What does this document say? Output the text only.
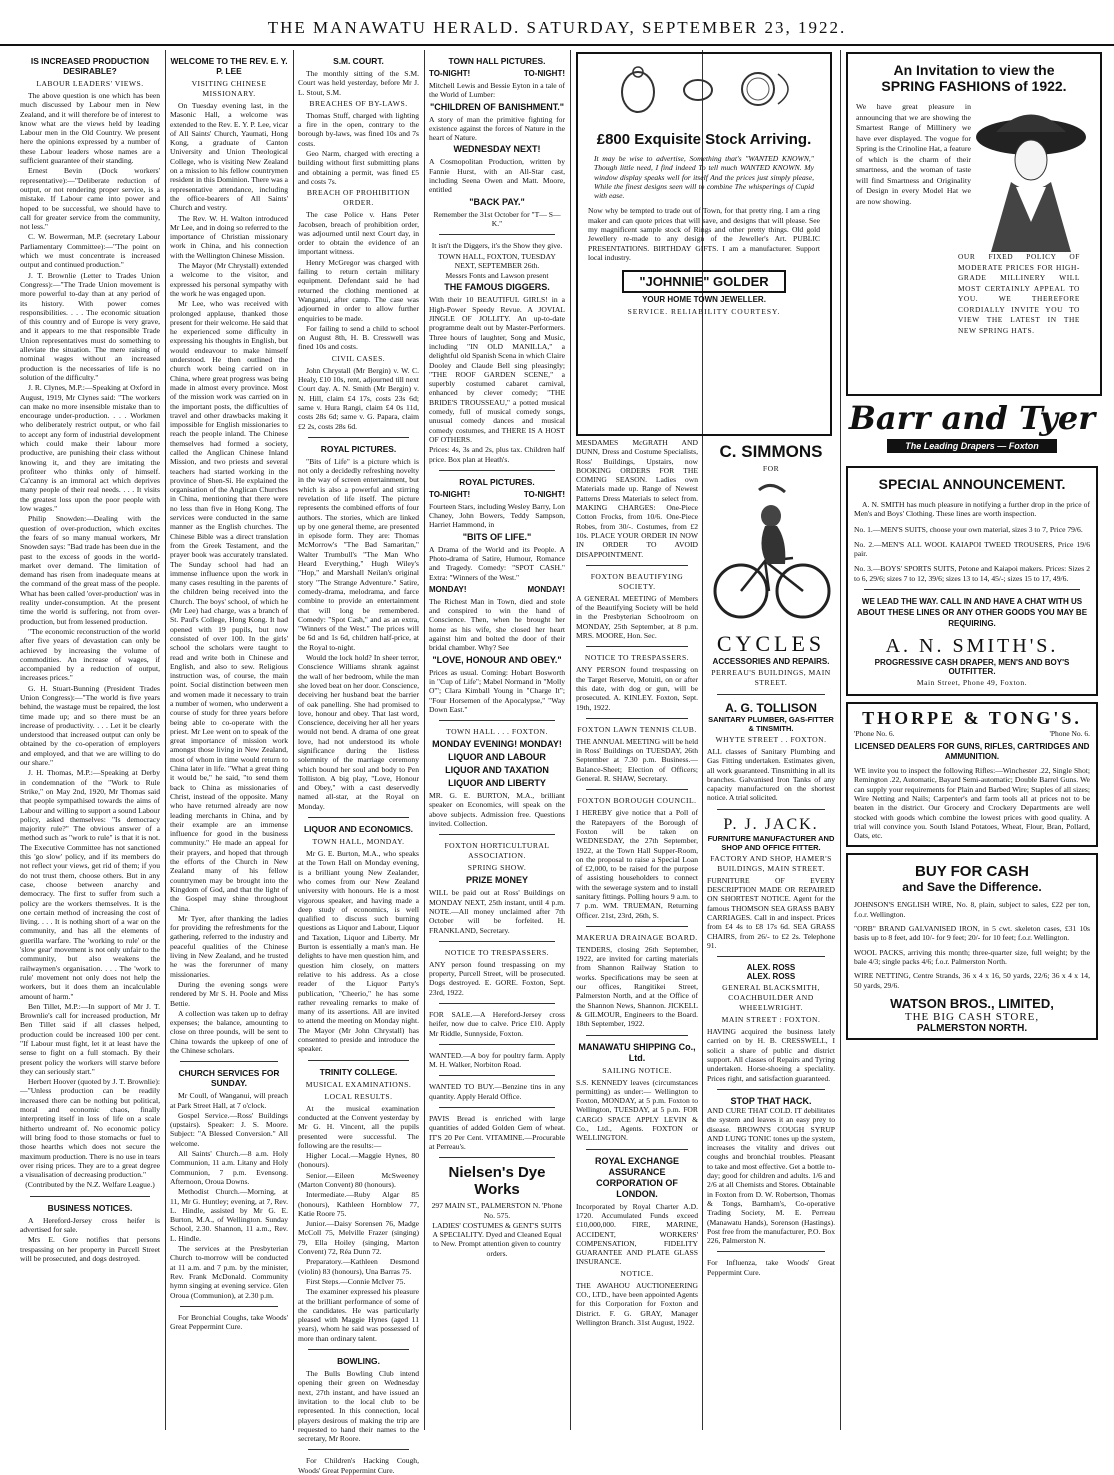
THE MANAWATU HERALD. SATURDAY, SEPTEMBER 23, 1922.
IS INCREASED PRODUCTION DESIRABLE?
LABOUR LEADERS' VIEWS.

The above question is one which has been much discussed by Labour men in New Zealand, and it will therefore be of interest to know what are the views held by leading Labour men in the Old Country. We present here the opinions expressed by a number of these Labour leaders whose names are a sufficient guarantee of their standing.

Ernest Bevin (Dock workers' representative):—"Deliberate reduction of output, or not rendering proper service, is a mistake. If Labour came into power and hoped to be successful, we should have to call for greater service from the community, not less."

C. W. Bowerman, M.P. (secretary Labour Parliamentary Committee):—"The point on which we must concentrate is increased output and continued production."

J. T. Brownlie (Letter to Trades Union Congress):—"The Trade Union movement is more powerful to-day than at any period of its history. With power comes responsibilities. . . . The economic situation of this country and of Europe is very grave, and it appears to me that responsible Trade Union representatives must do something to alleviate the situation. The mere raising of nominal wages without an increased production is the necessaries of life is no solution of the difficulty."

J. R. Clynes, M.P.:—Speaking at Oxford in August, 1919, Mr Clynes said: "The workers can make no more insensible mistake than to encourage under-production. . . . Workmen who deliberately restrict output, or who fail to accept any form of industrial development which could make their labour more productive, are punishing their class without knowing it, and they are imitating the profiteer who thinks only of himself. Ca'canny is an immoral act which deprives many people of their real needs. . . . It visits the greatest loss upon the poor people with low wages."

Philip Snowden:—Dealing with the question of over-production, which excites the fears of so many manual workers, Mr Snowden says: "Bad trade has been due in the past to the excess of goods in the world-market over demand. The limitation of demand has risen from inadequate means at the command of the great mass of the people. What has been called 'over-production' was in reality under-consumption. At the present time the world is suffering, not from over-production, but from lessened production.

"The economic reconstruction of the world after five years of devastation can only be achieved by increasing the volume of commodities. An increase of wages, if accompanied by a reduction of output, increases prices."

G. H. Stuart-Bunning (President Trades Union Congress):—"The world is five years behind, the wastage must be repaired, the lost time made up; and so there must be an increase of productivity. . . . Let it be clearly understood that increased output can only be obtained by the co-operation of employers and employed, and that we are willing to do our share."

J. H. Thomas, M.P.:—Speaking at Derby in condemnation of the "Work to Rule Strike," on May 2nd, 1920, Mr Thomas said that people sympathised towards the aims of Labour and willing to support a sound Labour policy, asked themselves: "Is democracy majority rule?" The obvious answer of a method such as "work to rule" is that it is not. The Executive Committee has not sanctioned this 'go slow' policy, and if its members do not reflect your views, get rid of them; if you do not trust them, choose others. But in any case, choose between anarchy and democracy. The first to suffer from such a policy are the workers themselves. It is the one certain method of increasing the cost of living. . . . It is nothing short of a war on the community, and has all the elements of guerilla warfare. The 'working to rule' or the 'slow gear' movement is not only unfair to the community, but also weakens the railwaymen's organisation. . . . The 'work to rule' movement not only does not help the workers, but it does them an incalculable amount of harm."

Ben Tillet, M.P.:—In support of Mr J. T. Brownlie's call for increased production, Mr Ben Tillet said if all classes helped, production could be increased 100 per cent. "If Labour must fight, let it at least have the sense to fight on a full stomach. By their present policy the workers will starve before they can seriously start."

Herbert Hoover (quoted by J. T. Brownlie):—"Unless production can be readily increased there can be nothing but political, moral and economic chaos, finally interpreting itself in loss of life on a scale hitherto undreamt of. No economic policy will bring food to those stomachs or fuel to those hearths which does not secure the maximum production. There is no use in tears over rising prices. They are to a great degree a visualisation of decreasing production."

(Contributed by the N.Z. Welfare League.)

BUSINESS NOTICES.

A Hereford-Jersey cross heifer is advertised for sale.

Mrs E. Gore notifies that persons trespassing on her property in Purcell Street will be prosecuted, and dogs destroyed.

WELCOME TO THE REV. E. Y. P. LEE
VISITING CHINESE MISSIONARY.

On Tuesday evening last, in the Masonic Hall, a welcome was extended to the Rev. E. Y. P. Lee, vicar of All Saints' Church, Yaumati, Hong Kong, a graduate of Canton University and Union Theological College, who is visiting New Zealand on a mission to his fellow countrymen resident in this Dominion. There was a representative attendance, including the office-bearers of All Saints' Church and vestry.

The Rev. W. H. Walton introduced Mr Lee, and in doing so referred to the importance of Christian missionary work in China, and his connection with the Wellington Chinese Mission.

The Mayor (Mr Chrystall) extended a welcome to the visitor, and expressed his personal sympathy with the work he was engaged upon.

Mr Lee, who was received with prolonged applause, thanked those present for their welcome. He said that he experienced some difficulty in expressing his thoughts in English, but would endeavour to make himself understood. He then outlined the church work being carried on in China, where great progress was being made in almost every province. Most of the mission work was carried on in the important posts, the difficulties of travel and other drawbacks making it impossible for English missionaries to reach the people inland. The Chinese themselves had formed a society, called the Anglican Chinese Inland Mission, and two priests and several teachers had started working in the province of Shen-Si. He explained the organisation of the Anglican Churches in China, mentioning that there were no less than five in Hong Kong. The services were conducted in the same manner as the English churches. The Chinese Bible was a direct translation from the Greek Testament, and the prayer book was accurately translated. The Sunday school had had an immense influence upon the work in many cases resulting in the parents of the children being received into the Church. The boys' school, of which he (Mr Lee) had charge, was a branch of St. Paul's College, Hong Kong. It had opened with 19 pupils, but now consisted of over 100. In the girls' school the scholars were taught to read and write both in Chinese and English, and also to sew. Religious instruction was, of course, the main point. Social distinction between men and women made it necessary to train a number of women, who underwent a course of study for three years before being able to co-operate with the priest. Mr Lee went on to speak of the great importance of mission work amongst those living in New Zealand, most of whom in time would return to China later in life. "What a great thing it would be," he said, "to send them back to China as missionaries of Christ, instead of the opposite. Many who have returned already are now leading merchants in China, and by their example are an immense influence for good in the business community." He made an appeal for their prayers, and hoped that through the efforts of the Church in New Zealand many of his fellow countrymen may be brought into the Kingdom of God, and that the light of the Gospel may shine throughout China.

Mr Tyer, after thanking the ladies for providing the refreshments for the gathering, referred to the industry and peaceful qualities of the Chinese living in New Zealand, and he trusted he was the forerunner of many missionaries.

During the evening songs were rendered by Mr S. H. Poole and Miss Bettie.

A collection was taken up to defray expenses; the balance, amounting to close on three pounds, will be sent to China towards the upkeep of one of the Chinese scholars.

CHURCH SERVICES FOR SUNDAY.

Mr Coull, of Wanganui, will preach at Park Street Hall, at 7 o'clock.

Gospel Service.—Ross' Buildings (upstairs). Speaker: J. S. Moore. Subject: "A Blessed Conversion." All welcome.

All Saints' Church.—8 a.m. Holy Communion, 11 a.m. Litany and Holy Communion, 7 p.m. Evensong. Afternoon, Oroua Downs.

Methodist Church.—Morning, at 11, Mr G. Huntley; evening, at 7, Rev. L. Hindle, assisted by Mr G. E. Burton, M.A., of Wellington. Sunday School, 2.30. Shannon, 11 a.m., Rev. L. Hindle.

The services at the Presbyterian Church to-morrow will be conducted at 11 a.m. and 7 p.m. by the minister, Rev. Frank McDonald. Community hymn singing at evening service. Glen Oroua (Communion), at 2.30 p.m.

For Bronchial Coughs, take Woods' Great Peppermint Cure.

S.M. COURT.

The monthly sitting of the S.M. Court was held yesterday, before Mr J. L. Stout, S.M.

BREACHES OF BY-LAWS.

Thomas Stuff, charged with lighting a fire in the open, contrary to the borough by-laws, was fined 10s and 7s costs.

Geo Narm, charged with erecting a building without first submitting plans and obtaining a permit, was fined £5 and costs 7s.

BREACH OF PROHIBITION ORDER.

The case Police v. Hans Peter Jacobsen, breach of prohibition order, was adjourned until next Court day, in order to obtain the evidence of an important witness.

Henry McGregor was charged with failing to return certain military equipment. Defendant said he had returned the clothing mentioned at Wanganui, after camp. The case was adjourned in order to allow further enquiries to be made.

For failing to send a child to school on August 8th, H. B. Cresswell was fined 10s and costs.

CIVIL CASES.

John Chrystall (Mr Bergin) v. W. C. Healy, £10 10s, rent, adjourned till next Court day. A. N. Smith (Mr Bergin) v. N. Hill, claim £4 17s, costs 23s 6d; same v. Hura Rangi, claim £4 0s 11d, costs 28s 6d; same v. G. Papara, claim £2 2s, costs 28s 6d.

ROYAL PICTURES.

"Bits of Life" is a picture which is not only a decidedly refreshing novelty in the way of screen entertainment, but which is also a powerful and stirring revelation of life itself. The picture represents the combined efforts of four authors. The stories, which are linked up by one general theme, are presented in episode form. They are: Thomas McMorrow's "The Bad Samaritan," Walter Trumbull's "The Man Who Heard Everything," Hugh Wiley's "Hop," and Marshall Neilan's original story "The Strange Adventure." Satire, comedy-drama, melodrama, and farce combine to provide an entertainment that will long be remembered. Comedy: "Spot Cash," and as an extra, "Winners of the West." The prices will be 6d and 1s 6d, children half-price, at the Royal to-night.

Would the lock hold? In sheer terror, Conscience Williams shrank against the wall of her bedroom, while the man she loved beat on her door. Conscience, deceiving her husband beat the barrier of oak panelling. She had promised to love, honour and obey. That last word, Conscience, deceiving her all her years would not bend. A drama of one great love, had not understood its whole significance during the listless solemnity of the marriage ceremony which bound her soul and body to Pen Tolliston. A big play, "Love, Honour and Obey," with a cast deservedly named all-star, at the Royal on Monday.

LIQUOR AND ECONOMICS.
TOWN HALL, MONDAY.

Mr G. E. Burton, M.A., who speaks at the Town Hall on Monday evening, is a brilliant young New Zealander, who comes from our New Zealand university with honours. He is a most vigorous speaker, and having made a deep study of economics, is well qualified to discuss such burning questions as Liquor and Labour, Liquor and Taxation, Liquor and Liberty. Mr Burton is essentially a man's man. He delights to have men question him, and question him closely, on matters relative to his address. As a close reader of the Liquor Party's publication, "Cheerio," he has some rather revealing remarks to make of many of its assertions. All are invited to attend the meeting on Monday night. The Mayor (Mr John Chrystall) has consented to preside and introduce the speaker.

TRINITY COLLEGE.
MUSICAL EXAMINATIONS.
LOCAL RESULTS.

At the musical examination conducted at the Convent yesterday by Mr G. H. Vincent, all the pupils presented were successful. The following are the results:—

Higher Local.—Maggie Hynes, 80 (honours).

Senior.—Eileen McSweeney (Marton Convent) 80 (honours).

Intermediate.—Ruby Algar 85 (honours), Kathleen Hornblow 77, Katie Roore 75.

Junior.—Daisy Sorensen 76, Madge McColl 75, Melville Frazer (singing) 79, Ella Hoiley (singing, Marton Convent) 72, Réa Dunn 72.

Preparatory.—Kathleen Desmond (violin) 83 (honours), Una Barras 75.

First Steps.—Connie McIver 75.

The examiner expressed his pleasure at the brilliant performance of some of the candidates. He was particularly pleased with Maggie Hynes (aged 11 years), whom he said was possessed of more than ordinary talent.

BOWLING.

The Bulls Bowling Club intend opening their green on Wednesday next, 27th instant, and have issued an invitation to the local club to be represented. In this connection, local players desirous of making the trip are requested to hand their names to the secretary, Mr Roore.

For Children's Hacking Cough, Woods' Great Peppermint Cure.

TOWN HALL PICTURES.
TO-NIGHT!	TO-NIGHT!

Mitchell Lewis and Bessie Eyton in a tale of the World of Lumber:

"CHILDREN OF BANISHMENT."

A story of man the primitive fighting for existence against the forces of Nature in the heart of Nature.

WEDNESDAY NEXT!

A Cosmopolitan Production, written by Fannie Hurst, with an All-Star cast, including Seena Owen and Matt. Moore, entitled

"BACK PAY."

Remember the 31st October for "T— S— K."

It isn't the Diggers, it's the Show they give.

TOWN HALL, FOXTON, TUESDAY NEXT, SEPTEMBER 26th.

Messrs Fonts and Lawson present

THE FAMOUS DIGGERS.

With their 10 BEAUTIFUL GIRLS! in a High-Power Speedy Revue. A JOVIAL JINGLE OF JOLLITY. An up-to-date programme dealt out by Master-Performers. Three hours of laughter, Song and Music, including "IN OLD MANILLA," a delightful old Spanish Scena in which Claire Dooley and Claude Bell sing pleasingly; "THE ROOF GARDEN SCENE," a superbly costumed cabaret carnival, enhanced by clever comedy; "THE BRIDE'S TROUSSEAU," a potted musical comedy, full of musical comedy songs, unusual comedy dances and musical comedy costumes, and THERE IS A HOST OF OTHERS.

Prices: 4s, 3s and 2s, plus tax. Children half price. Box plan at Heath's.

ROYAL PICTURES.
TO-NIGHT!	TO-NIGHT!

Fourteen Stars, including Wesley Barry, Lon Chaney, John Bowers, Teddy Sampson, Harriet Hammond, in

"BITS OF LIFE."

A Drama of the World and its People. A Photo-drama of Satire, Humour, Romance and Tragedy. Comedy: "SPOT CASH." Extra: "Winners of the West."

MONDAY!	MONDAY!

The Richest Man in Town, died and stole and conspired to win the hand of Conscience. Then, when he brought her home as his wife, she closed her heart against him and bolted the door of their bridal chamber. Why? See

"LOVE, HONOUR AND OBEY."

Prices as usual. Coming: Hobart Bosworth in "Cup of Life"; Mabel Normand in "Molly O'"; Clara Kimball Young in "Charge It"; "Four Horsemen of the Apocalypse," "Way Down East."

TOWN HALL . . . FOXTON.
MONDAY EVENING! MONDAY!
LIQUOR AND LABOUR
LIQUOR AND TAXATION
LIQUOR AND LIBERTY

MR. G. E. BURTON, M.A., brilliant speaker on Economics, will speak on the above subjects. Admission free. Questions invited. Collection.

FOXTON HORTICULTURAL ASSOCIATION.
SPRING SHOW.
PRIZE MONEY

WILL be paid out at Ross' Buildings on MONDAY NEXT, 25th instant, until 4 p.m. NOTE.—All money unclaimed after 7th October will be forfeited. H. FRANKLAND, Secretary.

NOTICE TO TRESPASSERS.

ANY person found trespassing on my property, Purcell Street, will be prosecuted. Dogs destroyed. E. GORE. Foxton, Sept. 23rd, 1922.

FOR SALE.—A Hereford-Jersey cross heifer, now due to calve. Price £10. Apply Mr Riddle, Sunnyside, Foxton.

WANTED.—A boy for poultry farm. Apply M. H. Walker, Norbiton Road.

WANTED TO BUY.—Benzine tins in any quantity. Apply Herald Office.

PAVIS Bread is enriched with large quantities of added Golden Gem of wheat. IT'S 20 Per Cent. VITAMINE.—Procurable at Perreau's.

Nielsen's Dye Works

297 MAIN ST., PALMERSTON N. 'Phone No. 575.

LADIES' COSTUMES & GENT'S SUITS A SPECIALITY. Dyed and Cleaned Equal to New. Prompt attention given to country orders.

£800 Exquisite Stock Arriving.

It may be wise to advertise, Something that's "WANTED KNOWN," Though little need, I find indeed To tell much WANTED KNOWN. My window display speaks well for itself And the prices just simply please, While the finest designs seen will to combine The whisperings of Cupid with ease.

Now why be tempted to trade out of Town, for that pretty ring. I am a ring maker and can quote prices that will save, and designs that will please. See my magnificent sample stock of Rings and other pretty things. Old gold Jewellery re-made to any design of the Jeweller's Art. PUBLIC PRESENTATIONS. BIRTHDAY GIFTS. I am a manufacturer. Support local industry.

"JOHNNIE" GOLDER
YOUR HOME TOWN JEWELLER.
SERVICE. RELIABILITY COURTESY.

MESDAMES McGRATH AND DUNN, Dress and Costume Specialists, Ross' Buildings, Upstairs, now BOOKING ORDERS FOR THE COMING SEASON. Ladies own Materials made up. Range of Newest Patterns Dress Materials to select from. MAKING CHARGES: One-Piece Cotton Frocks, from 10/6. One-Piece Robes, from 30/-. Costumes, from £2 10s. PLACE YOUR ORDER IN NOW IN ORDER TO AVOID DISAPPOINTMENT.

FOXTON BEAUTIFYING SOCIETY.

A GENERAL MEETING of Members of the Beautifying Society will be held in the Presbyterian Schoolroom on MONDAY, 25th September, at 8 p.m. MRS. MOORE, Hon. Sec.

NOTICE TO TRESPASSERS.

ANY PERSON found trespassing on the Target Reserve, Motuiti, on or after this date, with dog or gun, will be prosecuted. A. KINLEY. Foxton, Sept. 19th, 1922.

FOXTON LAWN TENNIS CLUB.

THE ANNUAL MEETING will be held in Ross' Buildings on TUESDAY, 26th September at 7.30 p.m. Business.—Balance-Sheet; Election of Officers; General. R. SHAW, Secretary.

FOXTON BOROUGH COUNCIL.

I HEREBY give notice that a Poll of the Ratepayers of the Borough of Foxton will be taken on WEDNESDAY, the 27th September, 1922, at the Town Hall Supper-Room, on the proposal to raise a Special Loan of £2,000, to be raised for the purpose of assisting householders to connect with the sewerage system and to install sanitary fittings. Polling hours 9 a.m. to 7 p.m. WM. TRUEMAN, Returning Officer. 21st, 23rd, 26th, S.

MAKERUA DRAINAGE BOARD.

TENDERS, closing 26th September, 1922, are invited for carting materials from Shannon Railway Station to works. Specifications may be seen at our offices, Rangitikei Street, Palmerston North, and at the Office of the Shannon News, Shannon. JICKELL & GILMOUR, Engineers to the Board. 18th September, 1922.

MANAWATU SHIPPING Co., Ltd.
SAILING NOTICE.

S.S. KENNEDY leaves (circumstances permitting) as under:— Wellington to Foxton, MONDAY, at 5 p.m. Foxton to Wellington, TUESDAY, at 5 p.m. FOR CARGO SPACE APPLY LEVIN & Co., Ltd., Agents. FOXTON or WELLINGTON.

ROYAL EXCHANGE ASSURANCE CORPORATION OF LONDON.

Incorporated by Royal Charter A.D. 1720. Accumulated Funds exceed £10,000,000. FIRE, MARINE, ACCIDENT, WORKERS' COMPENSATION, FIDELITY GUARANTEE AND PLATE GLASS INSURANCE.

NOTICE.

THE AWAHOU AUCTIONEERING CO., LTD., have been appointed Agents for this Corporation for Foxton and District. F. G. GRAY, Manager Wellington Branch. 31st August, 1922.

C. SIMMONS
FOR
CYCLES
ACCESSORIES AND REPAIRS.
PERREAU'S BUILDINGS, MAIN STREET.
A. G. TOLLISON
SANITARY PLUMBER, GAS-FITTER & TINSMITH.
WHYTE STREET . . FOXTON.

ALL classes of Sanitary Plumbing and Gas Fitting undertaken. Estimates given, all work guaranteed. Tinsmithing in all its branches. Galvanised Iron Tanks of any capacity manufactured on the shortest notice. A trial solicited.

P. J. JACK.
FURNITURE MANUFACTURER AND SHOP AND OFFICE FITTER.
FACTORY AND SHOP, HAMER'S BUILDINGS, MAIN STREET.

FURNITURE OF EVERY DESCRIPTION MADE OR REPAIRED ON SHORTEST NOTICE. Agent for the famous THOMSON SEA GRASS BABY CARRIAGES. Call in and inspect. Prices from £4 4s to £8 17s 6d. SEA GRASS CHAIRS, from 26/- to £2 2s. Telephone 91.

ALEX. ROSS
ALEX. ROSS
GENERAL BLACKSMITH, COACHBUILDER AND WHEELWRIGHT.
MAIN STREET : FOXTON.

HAVING acquired the business lately carried on by H. B. CRESSWELL, I solicit a share of public and district support. All classes of Repairs and Tyring undertaken. Horse-shoeing a speciality. Prices right, and satisfaction guaranteed.

STOP THAT HACK.

AND CURE THAT COLD. IT debilitates the system and leaves it an easy prey to disease. BROWN'S COUGH SYRUP AND LUNG TONIC tones up the system, increases the vitality and drives out coughs and bronchial troubles. Pleasant to take and most effective. Get a bottle to-day; good for children and adults. 1/6 and 2/6 at all Chemists and Stores. Obtainable in Foxton from D. W. Robertson, Thomas & Tongs, Barnham's, Co-operative Trading Society, M. E. Perreau (Manawatu Hands), Sorenson (Hastings). Post free from the manufacturer, P.O. Box 226, Palmerston N.

For Influenza, take Woods' Great Peppermint Cure.

An Invitation to view the
SPRING FASHIONS of 1922.

We have great pleasure in announcing that we are showing the Smartest Range of Millinery we have ever displayed. The vogue for Spring is the Crinoline Hat, a feature of which is the charm of their smartness, and the woman of taste will find Smartness and Originality of Design in every Model Hat we are now showing.

OUR FIXED POLICY OF MODERATE PRICES FOR HIGH-GRADE MILLINERY WILL MOST CERTAINLY APPEAL TO YOU. WE THEREFORE CORDIALLY INVITE YOU TO VIEW THE LATEST IN THE NEW SPRING HATS.

Barr and Tyer
The Leading Drapers — Foxton
SPECIAL ANNOUNCEMENT.

A. N. SMITH has much pleasure in notifying a further drop in the price of Men's and Boys' Clothing. These lines are worth inspection.

No. 1.—MEN'S SUITS, choose your own material, sizes 3 to 7, Price 79/6.

No. 2.—MEN'S ALL WOOL KAIAPOI TWEED TROUSERS, Price 19/6 pair.

No. 3.—BOYS' SPORTS SUITS, Petone and Kaiapoi makers. Prices: Sizes 2 to 6, 29/6; sizes 7 to 12, 39/6; sizes 13 to 14, 45/-; sizes 15 to 17, 49/6.

WE LEAD THE WAY. CALL IN AND HAVE A CHAT WITH US ABOUT THESE LINES OR ANY OTHER GOODS YOU MAY BE REQUIRING.
A. N. SMITH'S.
PROGRESSIVE CASH DRAPER, MEN'S AND BOY'S OUTFITTER.
Main Street, Phone 49, Foxton.
THORPE & TONG'S.
'Phone No. 6.	'Phone No. 6.
LICENSED DEALERS FOR GUNS, RIFLES, CARTRIDGES AND AMMUNITION.

WE invite you to inspect the following Rifles:—Winchester .22, Single Shot; Remington .22, Automatic, Bayard Semi-automatic; Double Barrel Guns. We can supply your requirements for Plain and Barbed Wire; Staples of all sizes; Wire Netting and Nails; Carpenter's and farm tools all at prices not to be beaten in the district. Our Grocery and Crockery Departments are well stocked with goods which combine the lowest prices with good quality. A trial will convince you. South Island Potatoes, Wheat, Flour, Bran, Pollard, Oats, etc.

BUY FOR CASH
and Save the Difference.

JOHNSON'S ENGLISH WIRE, No. 8, plain, subject to sales, £22 per ton, f.o.r. Wellington.

"ORB" BRAND GALVANISED IRON, in 5 cwt. skeleton cases, £31 10s basis up to 8 feet, add 10/- for 9 feet; 20/- for 10 feet; f.o.r. Wellington.

WOOL PACKS, arriving this month; three-quarter size, full weight; by the bale 4/3; single packs 4/6; f.o.r. Palmerston North.

WIRE NETTING, Centre Strands, 36 x 4 x 16, 50 yards, 22/6; 36 x 4 x 14, 50 yards, 29/6.

WATSON BROS., LIMITED,
THE BIG CASH STORE,
PALMERSTON NORTH.
